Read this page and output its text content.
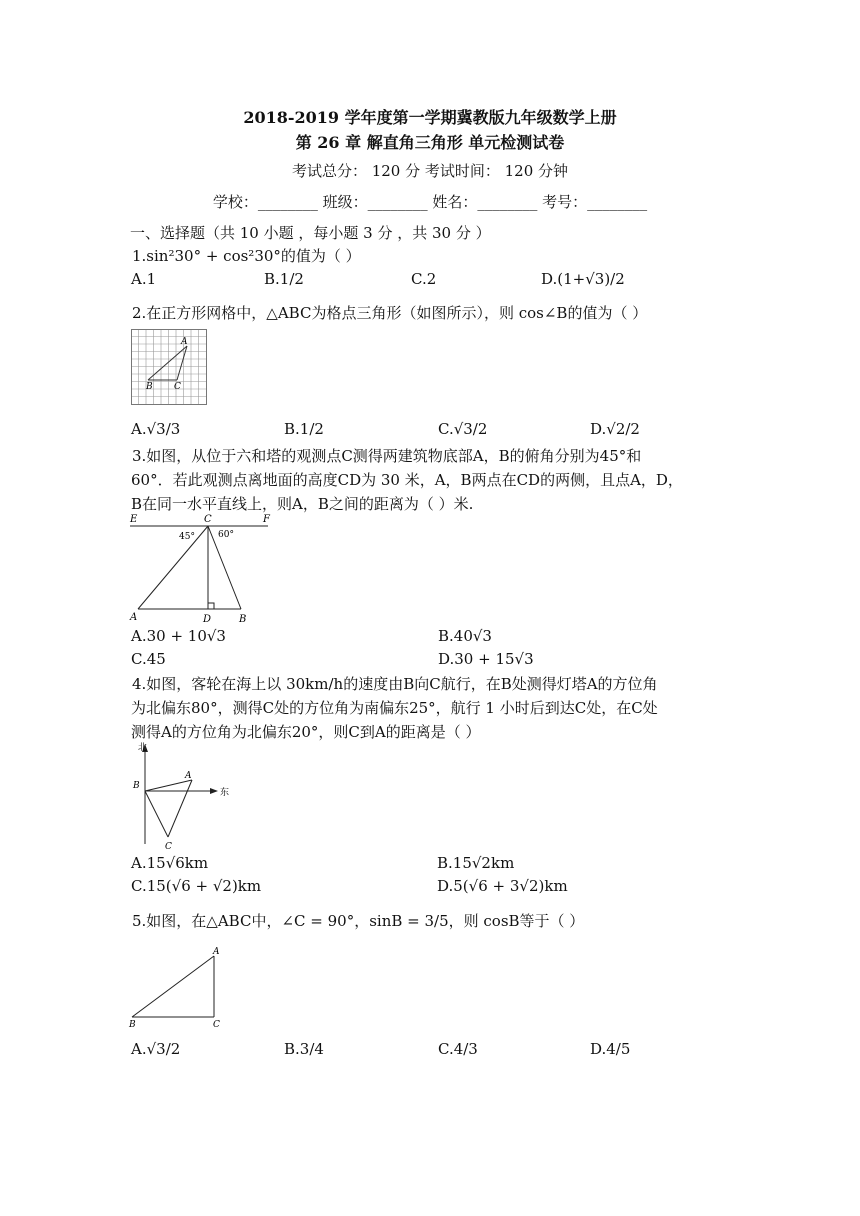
2018-2019 学年度第一学期冀教版九年级数学上册
第 26 章 解直角三角形 单元检测试卷
考试总分： 120 分 考试时间： 120 分钟
学校：________ 班级：________ 姓名：________ 考号：________
一、选择题（共 10 小题 ，每小题 3 分 ，共 30 分 ）
1.sin²30° + cos²30°的值为（ ）
A.1	B.1/2	C.2	D.(1+√3)/2
2.在正方形网格中，△ABC为格点三角形（如图所示），则 cos∠B的值为（ ）
A
B C
A.√3/3	B.1/2	C.√3/2	D.√2/2
3.如图，从位于六和塔的观测点C测得两建筑物底部A，B的俯角分别为45°和
60°．若此观测点离地面的高度CD为 30 米，A，B两点在CD的两侧，且点A，D，
B在同一水平直线上，则A，B之间的距离为（ ）米.
E	C	F
45°	60°
A	D	B
A.30 + 10√3	B.40√3
C.45	D.30 + 15√3
4.如图，客轮在海上以 30km/h的速度由B向C航行，在B处测得灯塔A的方位角
为北偏东80°，测得C处的方位角为南偏东25°，航行 1 小时后到达C处，在C处
测得A的方位角为北偏东20°，则C到A的距离是（ ）
北
东
A
B
C
A.15√6km	B.15√2km
C.15(√6 + √2)km	D.5(√6 + 3√2)km
5.如图，在△ABC中，∠C = 90°，sinB = 3/5，则 cosB等于（ ）
A
B	C
A.√3/2	B.3/4	C.4/3	D.4/5
